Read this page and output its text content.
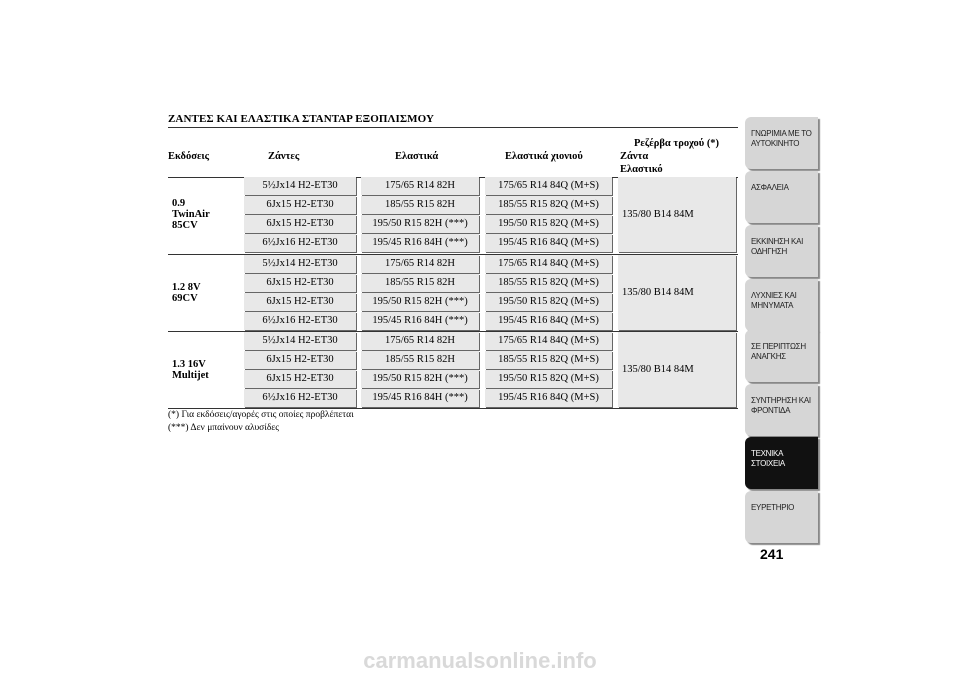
ΖΑΝΤΕΣ ΚΑΙ ΕΛΑΣΤΙΚΑ ΣΤΑΝΤΑΡ ΕΞΟΠΛΙΣΜΟΥ
Εκδόσεις	Ζάντες	Ελαστικά	Ελαστικά χιονιού
Ρεζέρβα τροχού (*)
Ζάντα
Ελαστικό
0.9
TwinAir
85CV
5½Jx14 H2-ET30	175/65 R14 82H	175/65 R14 84Q (M+S)
6Jx15 H2-ET30	185/55 R15 82H	185/55 R15 82Q (M+S)
6Jx15 H2-ET30	195/50 R15 82H (***)	195/50 R15 82Q (M+S)
6½Jx16 H2-ET30	195/45 R16 84H (***)	195/45 R16 84Q (M+S)
135/80 B14 84M
1.2 8V
69CV
5½Jx14 H2-ET30	175/65 R14 82H	175/65 R14 84Q (M+S)
6Jx15 H2-ET30	185/55 R15 82H	185/55 R15 82Q (M+S)
6Jx15 H2-ET30	195/50 R15 82H (***)	195/50 R15 82Q (M+S)
6½Jx16 H2-ET30	195/45 R16 84H (***)	195/45 R16 84Q (M+S)
135/80 B14 84M
1.3 16V
Multijet
5½Jx14 H2-ET30	175/65 R14 82H	175/65 R14 84Q (M+S)
6Jx15 H2-ET30	185/55 R15 82H	185/55 R15 82Q (M+S)
6Jx15 H2-ET30	195/50 R15 82H (***)	195/50 R15 82Q (M+S)
6½Jx16 H2-ET30	195/45 R16 84H (***)	195/45 R16 84Q (M+S)
135/80 B14 84M
(*) Για εκδόσεις/αγορές στις οποίες προβλέπεται
(***) Δεν μπαίνουν αλυσίδες
ΓΝΩΡΙΜΙΑ ΜΕ ΤΟ
ΑΥΤΟΚΙΝΗΤΟ
ΑΣΦΑΛΕΙΑ
ΕΚΚΙΝΗΣΗ ΚΑΙ
ΟΔΗΓΗΣΗ
ΛΥΧΝΙΕΣ ΚΑΙ
ΜΗΝΥΜΑΤΑ
ΣΕ ΠΕΡΙΠΤΩΣΗ
ΑΝΑΓΚΗΣ
ΣΥΝΤΗΡΗΣΗ ΚΑΙ
ΦΡΟΝΤΙΔΑ
ΤΕΧΝΙΚΑ
ΣΤΟΙΧΕΙΑ
ΕΥΡΕΤΗΡΙΟ
241
carmanualsonline.info
